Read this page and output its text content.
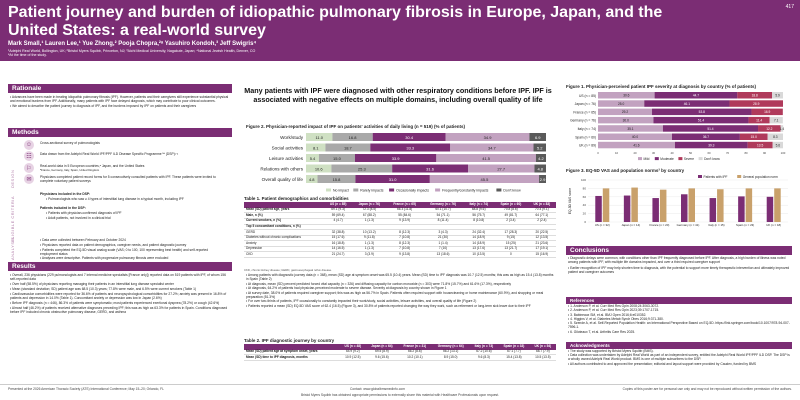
Patient journey and burden of idiopathic pulmonary fibrosis in Europe, Japan, and the United States: a real-world survey
Mark Small,¹ Lauren Lee,¹ Yue Zhong,² Pooja Chopra,²ᵃ Yasuhiro Kondoh,³ Jeff Swigris⁴
¹Adelphi Real World, Bollington, UK; ²Bristol Myers Squibb, Princeton, NJ; ³Aichi Medical University, Nagakute, Japan; ⁴National Jewish Health, Denver, CO
ᵃAt the time of the study.
417
Rationale
• Advances have been made in treating idiopathic pulmonary fibrosis (IPF). However, patients and their caregivers still experience substantial physical and emotional burdens from IPF. Additionally, many patients with IPF face delayed diagnosis, which may contribute to poor clinical outcomes.
• We aimed to describe the patient journey to diagnosis of IPF, and the burdens imposed by IPF on patients and their caregivers
Methods
DESIGN
ELIGIBLE CRITERIA
ANALYSIS
☺	Cross-sectional survey of pulmonologists
☷	Data drawn from the Adelphi Real World IPF/PPF ILD Disease Specific Programme™ (DSP)¹·²
⚐	Real-world data in 5 European countries,ᵃ Japan, and the United States
ᵃFrance, Germany, Italy, Spain, United Kingdom
✉	Physicians completed patient record forms for 5 consecutively consulted patients with IPF. These patients were invited to complete voluntary patient surveys
Physicians included in the DSP:
• Pulmonologists who saw ≥ 4 types of interstitial lung disease in a typical month, including IPF
Patients included in the DSP:
• Patients with physician-confirmed diagnosis of IPF
• Adult patients, not involved in a clinical trial
• Data were collected between February and October 2024
• Physicians reported data on patient demographics, caregiver needs, and patient diagnostic journey
• Patients completed the EQ-5D visual analog scale (VAS; 0 to 100, 100 representing best health) and self-reported employment status
• Analyses were descriptive. Patients with progressive pulmonary fibrosis were excluded
Results
• Overall, 236 physicians (229 pulmonologists and 7 internal medicine specialists [France only]) reported data on 519 patients with IPF, of whom 156 self-reported data
• Over half (58.5%) of physicians reporting managing their patients in an interstitial lung disease specialist center
• Mean (standard deviation; SD) patient age was 68.5 (10.3) years; 77.8% were male, and 6.5% were current smokers (Table 1)
• Cardiovascular comorbidities were reported for 36.6% of patients and neuropsychological comorbidities for 27.2%; anxiety was present in 16.8% of patients and depression in 14.0% (Table 1). Concomitant anxiety or depression was low in Japan (2.6%)
• Before IPF diagnosis (n = 446), 86.3% of patients were symptomatic; most patients experienced exertional dyspnea (78.2%) or cough (42.6%)
• Almost half (46.2%) of patients received alternative diagnoses preceding IPF; this was as high as 63.3% for patients in Spain. Conditions diagnosed before IPF included chronic obstructive pulmonary disease, GERD, and asthma
Many patients with IPF were diagnosed with other respiratory conditions before IPF. IPF is associated with negative effects on multiple domains, including overall quality of life
Figure 2. Physician-reported impact of IPF on patients' activities of daily living (n = 519) (% of patients)
Work/study	11.0	16.8	30.4	34.9	6.9
Social activities 8.1	18.7	33.3	34.7	5.2
Leisure activities 5.4	15.0	33.9	41.5	4.2
Relations with others	10.6	25.3	31.6	27.7	4.8
Overall quality of life 4.8	15.8	31.0	45.5	2.9
No impact	Rarely impacts	Occasionally impacts	Frequently/constantly impacts	Don't know
Table 1. Patient demographics and comorbidities
	US (n = 85)	Japan (n = 76)	France (n = 65)	Germany (n = 76)	Italy (n = 74)	Spain (n = 60)	UK (n = 83)
Mean (SD) patient age, years	69.1 (9.3)	72.3 (8.5)	66.3 (11.8)	60.1 (10.7)	68.8 (9.6)	70.8 (8.6)	70.4 (9.1)
Male, n (%)	59 (69.4)	67 (88.2)	55 (84.6)	54 (71.1)	56 (75.7)	49 (81.7)	64 (77.1)
Current smokers, n (%)	4 (4.7)	1 (1.3)	9 (13.9)	8 (11.4)	8 (10.8)	2 (3.4)	2 (2.4)
Top 5 concomitant conditions, n (%)							
GERD	32 (38.8)	10 (13.2)	8 (12.3)	3 (4.3)	24 (32.4)	17 (28.3)	20 (22.5)
Diabetes without chronic complications	15 (17.6)	9 (11.8)	7 (10.8)	21 (30)	14 (18.9)	9 (15)	12 (13.5)
Anxiety	16 (18.8)	1 (1.3)	8 (12.3)	1 (1.4)	14 (18.9)	15 (25)	21 (23.6)
Depression	14 (16.5)	1 (1.3)	7 (10.8)	7 (10)	13 (17.6)	13 (21.7)	17 (19.1)
CKD	21 (24.7)	3 (3.9)	9 (13.8)	13 (18.6)	10 (13.5)	0	15 (16.9)
CKD, chronic kidney disease; GERD, gastroesophageal reflux disease.
• Among patients with diagnostic journey data (n = 368), mean (SD) age at symptom onset was 65.5 (10.4) years. Mean (SD) time to IPF diagnosis was 10.7 (12.5) months; this was as high as 15.4 (13.8) months in Spain (Table 2)
• At diagnosis, mean (SD) percent predicted forced vital capacity (n = 326) and diffusing capacity for carbon monoxide (n = 303) were 71.8% (15.7%) and 61.6% (17.3%), respectively
• At diagnosis, 64.2% of patients had physician-perceived moderate to severe disease. Severity at diagnosis by country shown in Figure 1
• At survey date, 38.0% of patients required caregiver support; this was as high as 56.7% in Spain. Patients often required support with housecleaning or home maintenance (60.9%), and shopping or meal preparation (51.3%)
• For over two-thirds of patients, IPF occasionally to constantly impacted their work/study, social activities, leisure activities, and overall quality of life (Figure 2)
• Patients reported a mean (SD) EQ-5D VAS score of 62.4 (16.5) (Figure 3), and 30.8% of patients reported changing the way they work, such as retirement or long-term sick leave due to their IPF
Table 2. IPF diagnostic journey by country
	US (n = 48)	Japan (n = 64)	France (n = 31)	Germany (n = 64)	Italy (n = 73)	Spain (n = 33)	UK (n = 54)
Mean (SD) patient age at symptom onset, years	64.9 (9.2)	69.5 (8.9)	66.2 (8.8)	56.2 (13.1)	67.2 (10.6)	67.1 (7.7)	68.7 (7.9)
Mean (SD) time to IPF diagnosis, months	10.9 (12.5)	9.6 (15.6)	10.2 (10.1)	8.9 (15.0)	9.6 (8.3)	15.4 (13.8)	10.5 (13.5)
Figure 1. Physician-perceived patient IPF severity at diagnosis by country (% of patients)
US (n = 85)	30.6	44.7	18.8	5.9
Japan (n = 76)	25.0	46.1	28.9
France (n = 65)	29.2	53.8	16.9
Germany (n = 76)	30.0	51.4	11.4	7.1
Italy (n = 74)	35.1	51.4	12.2 1.4
Spain (n = 60)	40.0	36.7	15.0	8.3
UK (n = 89)	41.6	39.3	13.5	5.6
0	10	20	30	40	50	60	70	80	90	100
Mild	Moderate	Severe	Don't know
Figure 3. EQ-5D VAS and population norms³ by country
EQ-5D VAS score
0
20
40
60
80
100
US (n = 32)	Japan (n = 14)	France (n = 20)	Germany (n = 41)	Italy (n = 15)	Spain (n = 23)	UK (n = 18)
Patients with IPF	General population norm
Conclusions
• Diagnostic delays were common, with conditions other than IPF frequently diagnosed before IPF. After diagnosis, a high burden of illness was noted among patients with IPF, with multiple life domains impacted, and over a third required caregiver support
• Earlier recognition of IPF may help shorten time to diagnosis, with the potential to support more timely therapeutic intervention and ultimately improved patient and caregiver outcomes
References
• 1. Anderson P, et al. Curr Med Res Opin 2008;24:3063-3072.
• 2. Anderson P, et al. Curr Med Res Opin 2023;39:1707-1715.
• 3. Babineaux SM, et al. BMJ Open 2016;6:e010352.
• 4. Higgins V, et al. Diabetes Metab Syndr Obes 2016;9:371-380.
• 5. Szende A, et al. Self-Reported Population Health: an International Perspective Based on EQ-5D. https://link.springer.com/book/10.1007/978-94-007-7596-1.
• 6. Giloteaux T, et al. Arthritis Care Res 2025.
Acknowledgments
• The study was supported by Bristol Myers Squibb (BMS).
• Data collection was undertaken by Adelphi Real World as part of an independent survey, entitled the Adelphi Real World IPF/PPF ILD DSP. The DSP is a wholly owned Adelphi Real World product. BMS is one of multiple subscribers to the DSP.
• All authors contributed to and approved the presentation; editorial and layout support were provided by Caudex, funded by BMS
Presented at the 2026 American Thoracic Society (ATS) International Conference; May 15–20; Orlando, FL	Contact: www.globalbmsmedinfo.com	Copies of this poster are for personal use only and may not be reproduced without written permission of the authors.
Bristol Myers Squibb has obtained appropriate permissions to externally share this material with Healthcare Professionals upon request.
